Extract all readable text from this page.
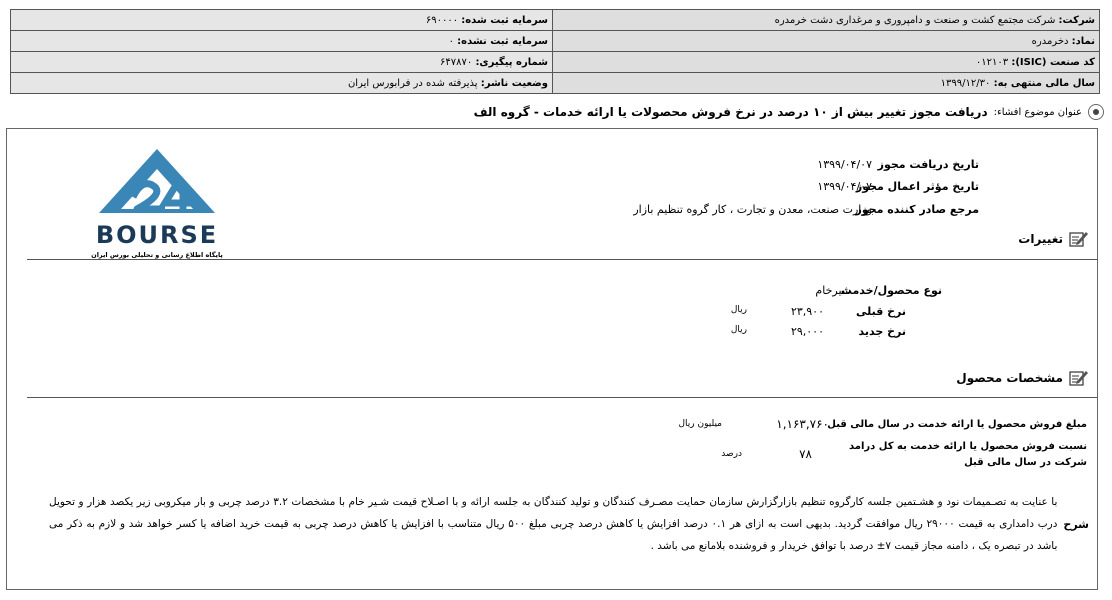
شرکت: شرکت مجتمع کشت و صنعت و دامپروری و مرغداری دشت خرمدره	سرمایه ثبت شده: ۶۹۰۰۰۰
نماد: دخرمدره	سرمایه ثبت نشده: ۰
کد صنعت (ISIC): ۰۱۲۱۰۳	شماره پیگیری: ۶۴۷۸۷۰
سال مالی منتهی به: ۱۳۹۹/۱۲/۳۰	وضعیت ناشر: پذیرفته شده در فرابورس ایران
عنوان موضوع افشاء:
دریافت مجوز تغییر بیش از ۱۰ درصد در نرخ فروش محصولات یا ارائه خدمات - گروه الف
BOURSE
پایگاه اطلاع رسانی و تحلیلی بورس ایران
تاریخ دریافت مجوز
۱۳۹۹/۰۴/۰۷
تاریخ مؤثر اعمال مجوز
۱۳۹۹/۰۴/۰۷
مرجع صادر کننده مجوز
وزارت صنعت، معدن و تجارت ، کار گروه تنظیم بازار
تغییرات
نوع محصول/خدمت
شیرخام
نرخ قبلی
۲۳,۹۰۰
ریال
نرخ جدید
۲۹,۰۰۰
ریال
مشخصات محصول
مبلغ فروش محصول یا ارائه خدمت در سال مالی قبل
۱,۱۶۳,۷۶۰
میلیون ریال
نسبت فروش محصول یا ارائه خدمت به کل درامد
شرکت در سال مالی قبل
۷۸
درصد
شرح
با عنایت به تصـمیمات نود و هشـتمین جلسه کارگروه تنظیم بازارگزارش سازمان حمایت مصـرف کنندگان و تولید کنندگان به جلسه ارائه و با اصـلاح قیمت شـیر خام با مشخصات ۳.۲ درصد چربی و بار میکروبی زیر یکصد هزار و تحویل درب دامداری به قیمت ۲۹۰۰۰ ریال موافقت گردید. بدیهی است به ازای هر ۰.۱ درصد افزایش یا کاهش درصد چربی مبلغ ۵۰۰ ریال متناسب با افزایش یا کاهش درصد چربی به قیمت خرید اضافه یا کسر خواهد شد و لازم به ذکر می باشد در تبصره یک ، دامنه مجاز قیمت ۷± درصد با توافق خریدار و فروشنده بلامانع می باشد .
